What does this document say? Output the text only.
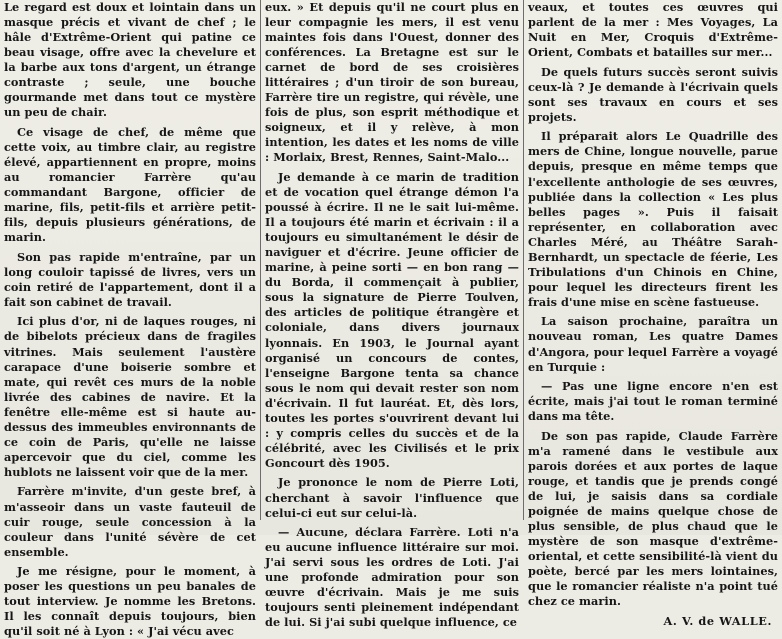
Le regard est doux et lointain dans un masque précis et vivant de chef ; le hâle d'Extrême-Orient qui patine ce beau visage, offre avec la chevelure et la barbe aux tons d'argent, un étrange contraste ; seule, une bouche gourmande met dans tout ce mystère un peu de chair.

Ce visage de chef, de même que cette voix, au timbre clair, au registre élevé, appartiennent en propre, moins au romancier Farrère qu'au commandant Bargone, officier de marine, fils, petit-fils et arrière petit-fils, depuis plusieurs générations, de marin.

Son pas rapide m'entraîne, par un long couloir tapissé de livres, vers un coin retiré de l'appartement, dont il a fait son cabinet de travail.

Ici plus d'or, ni de laques rouges, ni de bibelots précieux dans de fragiles vitrines. Mais seulement l'austère carapace d'une boiserie sombre et mate, qui revêt ces murs de la noble livrée des cabines de navire. Et la fenêtre elle-même est si haute au-dessus des immeubles environnants de ce coin de Paris, qu'elle ne laisse apercevoir que du ciel, comme les hublots ne laissent voir que de la mer.

Farrère m'invite, d'un geste bref, à m'asseoir dans un vaste fauteuil de cuir rouge, seule concession à la couleur dans l'unité sévère de cet ensemble.

Je me résigne, pour le moment, à poser les questions un peu banales de tout interview. Je nomme les Bretons. Il les connaît depuis toujours, bien qu'il soit né à Lyon : « J'ai vécu avec

eux. » Et depuis qu'il ne court plus en leur compagnie les mers, il est venu maintes fois dans l'Ouest, donner des conférences. La Bretagne est sur le carnet de bord de ses croisières littéraires ; d'un tiroir de son bureau, Farrère tire un registre, qui révèle, une fois de plus, son esprit méthodique et soigneux, et il y relève, à mon intention, les dates et les noms de ville : Morlaix, Brest, Rennes, Saint-Malo...

Je demande à ce marin de tradition et de vocation quel étrange démon l'a poussé à écrire. Il ne le sait lui-même. Il a toujours été marin et écrivain : il a toujours eu simultanément le désir de naviguer et d'écrire. Jeune officier de marine, à peine sorti — en bon rang — du Borda, il commençait à publier, sous la signature de Pierre Toulven, des articles de politique étrangère et coloniale, dans divers journaux lyonnais. En 1903, le Journal ayant organisé un concours de contes, l'enseigne Bargone tenta sa chance sous le nom qui devait rester son nom d'écrivain. Il fut lauréat. Et, dès lors, toutes les portes s'ouvrirent devant lui : y compris celles du succès et de la célébrité, avec les Civilisés et le prix Goncourt dès 1905.

Je prononce le nom de Pierre Loti, cherchant à savoir l'influence que celui-ci eut sur celui-là.

— Aucune, déclara Farrère. Loti n'a eu aucune influence littéraire sur moi. J'ai servi sous les ordres de Loti. J'ai une profonde admiration pour son œuvre d'écrivain. Mais je me suis toujours senti pleinement indépendant de lui. Si j'ai subi quelque influence, ce

veaux, et toutes ces œuvres qui parlent de la mer : Mes Voyages, La Nuit en Mer, Croquis d'Extrême-Orient, Combats et batailles sur mer...

De quels futurs succès seront suivis ceux-là ? Je demande à l'écrivain quels sont ses travaux en cours et ses projets.

Il préparait alors Le Quadrille des mers de Chine, longue nouvelle, parue depuis, presque en même temps que l'excellente anthologie de ses œuvres, publiée dans la collection « Les plus belles pages ». Puis il faisait représenter, en collaboration avec Charles Méré, au Théâtre Sarah-Bernhardt, un spectacle de féerie, Les Tribulations d'un Chinois en Chine, pour lequel les directeurs firent les frais d'une mise en scène fastueuse.

La saison prochaine, paraîtra un nouveau roman, Les quatre Dames d'Angora, pour lequel Farrère a voyagé en Turquie :

— Pas une ligne encore n'en est écrite, mais j'ai tout le roman terminé dans ma tête.

De son pas rapide, Claude Farrère m'a ramené dans le vestibule aux parois dorées et aux portes de laque rouge, et tandis que je prends congé de lui, je saisis dans sa cordiale poignée de mains quelque chose de plus sensible, de plus chaud que le mystère de son masque d'extrême-oriental, et cette sensibilité-là vient du poète, bercé par les mers lointaines, que le romancier réaliste n'a point tué chez ce marin.

A. V. de WALLE.
